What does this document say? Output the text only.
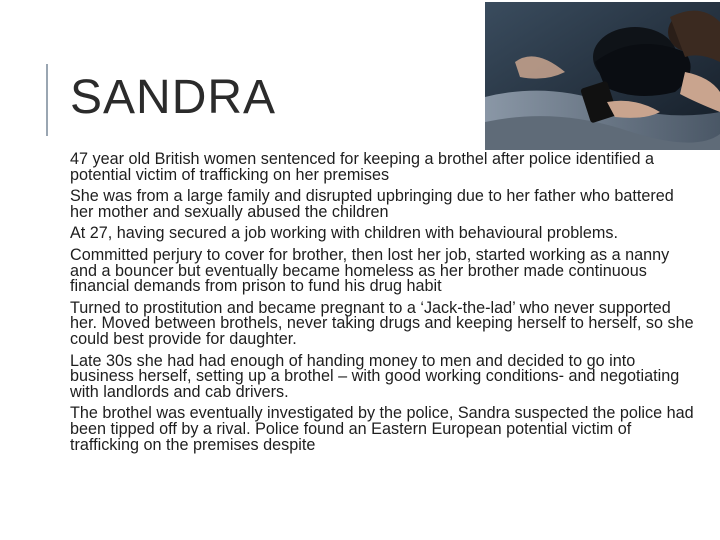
SANDRA

47 year old British women sentenced for keeping a brothel after police identified a potential victim of trafficking on her premises

She was from a large family and disrupted upbringing due to her father who battered her mother and sexually abused the children

At 27, having secured a job working with children with behavioural problems.

Committed perjury to cover for brother, then lost her job, started working as a nanny and a bouncer but eventually became homeless as her brother made continuous financial demands from prison to fund his drug habit

Turned to prostitution and became pregnant to a ‘Jack-the-lad’ who never supported her. Moved between brothels, never taking drugs and keeping herself to herself, so she could best provide for daughter.

Late 30s she had had enough of handing money to men and decided to go into business herself, setting up a brothel – with good working conditions- and negotiating with landlords and cab drivers.

The brothel was eventually investigated by the police, Sandra suspected the police had been tipped off by a rival. Police found an Eastern European potential victim of trafficking on the premises despite
